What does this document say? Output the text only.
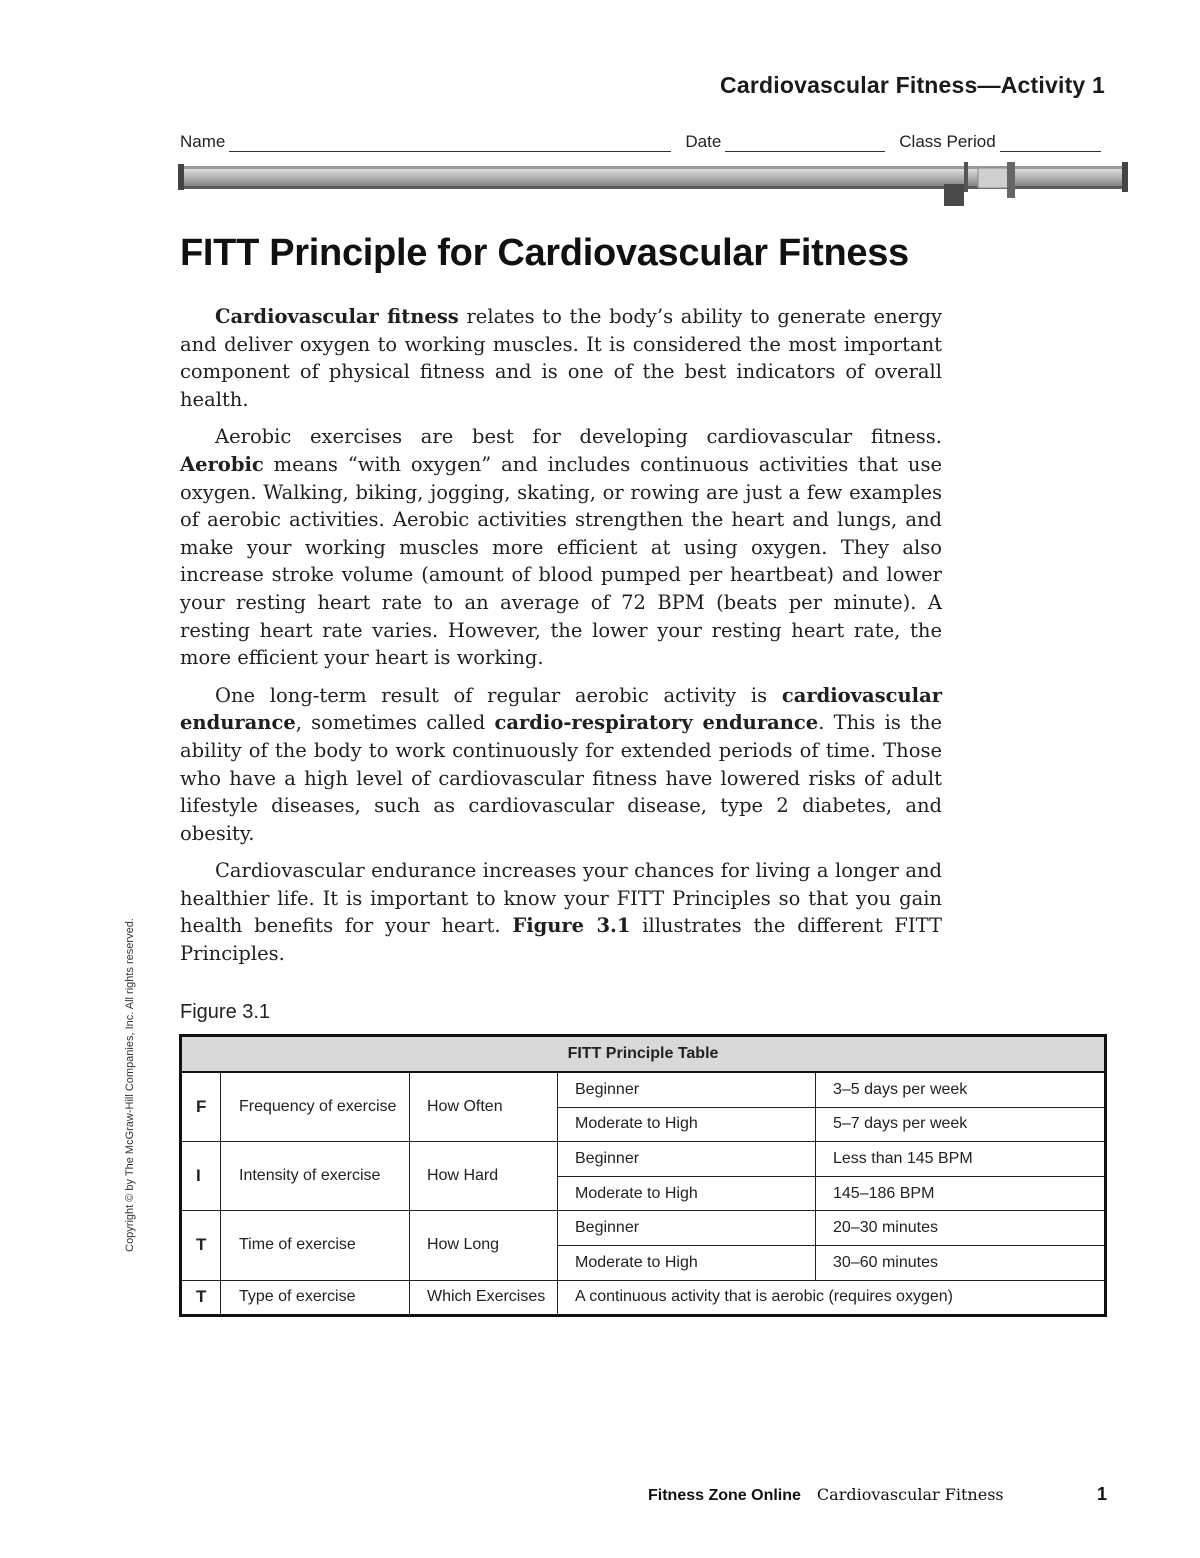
Cardiovascular Fitness—Activity 1
Name	Date	Class Period
FITT Principle for Cardiovascular Fitness

Cardiovascular fitness relates to the body’s ability to generate energy and deliver oxygen to working muscles. It is considered the most important component of physical fitness and is one of the best indicators of overall health.

Aerobic exercises are best for developing cardiovascular fitness. Aerobic means “with oxygen” and includes continuous activities that use oxygen. Walking, biking, jogging, skating, or rowing are just a few examples of aerobic activities. Aerobic activities strengthen the heart and lungs, and make your working muscles more efficient at using oxygen. They also increase stroke volume (amount of blood pumped per heartbeat) and lower your resting heart rate to an average of 72 BPM (beats per minute). A resting heart rate varies. However, the lower your resting heart rate, the more efficient your heart is working.

One long-term result of regular aerobic activity is cardiovascular endurance, sometimes called cardio-respiratory endurance. This is the ability of the body to work continuously for extended periods of time. Those who have a high level of cardiovascular fitness have lowered risks of adult lifestyle diseases, such as cardiovascular disease, type 2 diabetes, and obesity.

Cardiovascular endurance increases your chances for living a longer and healthier life. It is important to know your FITT Principles so that you gain health benefits for your heart. Figure 3.1 illustrates the different FITT Principles.

Copyright © by The McGraw-Hill Companies, Inc. All rights reserved. Figure 3.1
FITT Principle Table				
F	Frequency of exercise	How Often	Beginner	3–5 days per week
			Moderate to High	5–7 days per week
I	Intensity of exercise	How Hard	Beginner	Less than 145 BPM
			Moderate to High	145–186 BPM
T	Time of exercise	How Long	Beginner	20–30 minutes
			Moderate to High	30–60 minutes
T	Type of exercise	Which Exercises	A continuous activity that is aerobic (requires oxygen)	
Fitness Zone Online Cardiovascular Fitness	1
